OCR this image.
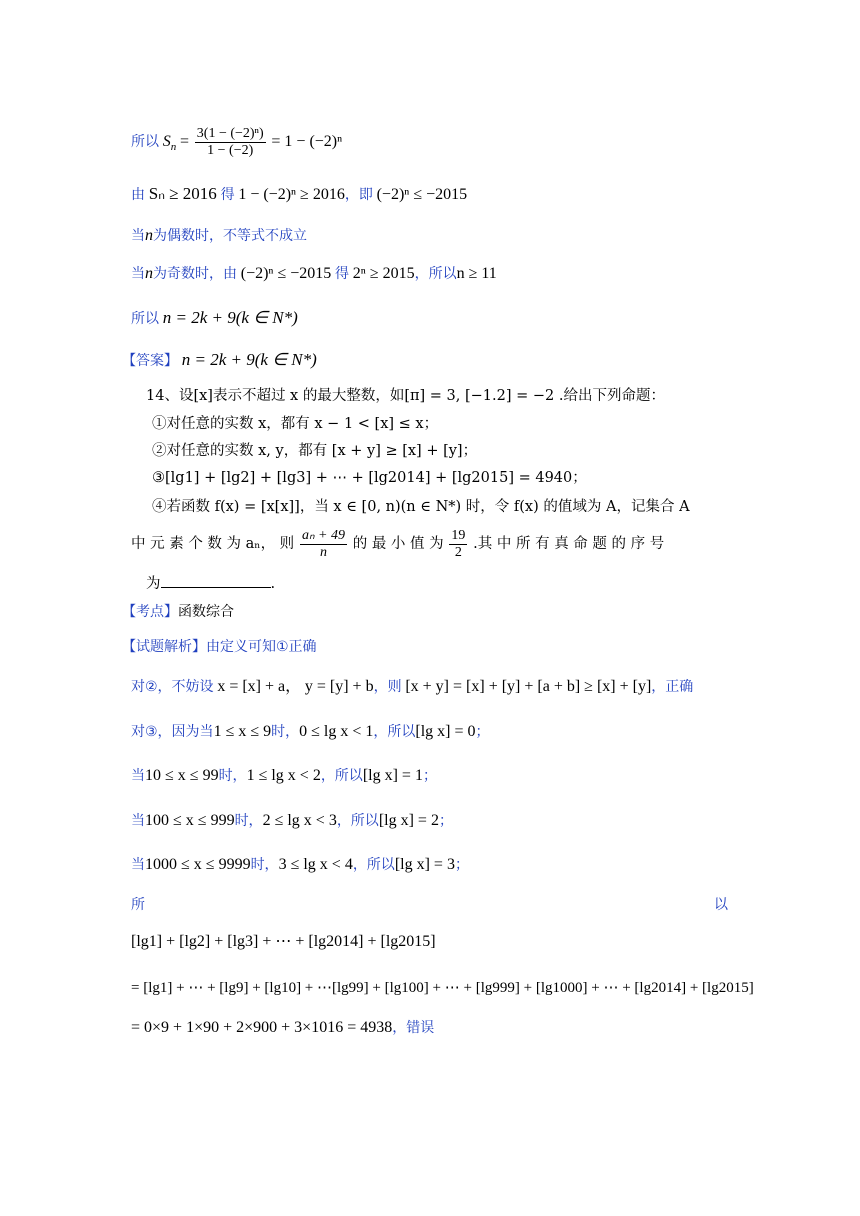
所以 $S_n = \frac{\text{3(1 − (−2)ⁿ)}}{1 - (-2)} = 1 - (-2)^n$
由 Sₙ ≥ 2016 得 1 − (−2)ⁿ ≥ 2016，即 (−2)ⁿ ≤ −2015
当n为偶数时，不等式不成立
当n为奇数时，由 (−2)ⁿ ≤ −2015 得 2ⁿ ≥ 2015，所以n ≥ 11
所以 n = 2k + 9(k ∈ N*)
【答案】 n = 2k + 9(k ∈ N*)
14、设[x]表示不超过 x 的最大整数，如[π] = 3, [−1.2] = −2 .给出下列命题：
①对任意的实数 x，都有 x − 1 < [x] ≤ x；
②对任意的实数 x, y，都有 [x + y] ≥ [x] + [y]；
③[lg1] + [lg2] + [lg3] + ⋯ + [lg2014] + [lg2015] = 4940；
④若函数 f(x) = [x[x]]，当 x ∈ [0, n)(n ∈ N*) 时，令 f(x) 的值域为 A，记集合 A
中 元 素 个 数 为 aₙ， 则 $\frac{\text{aₙ + 49}}{n}$ 的 最 小 值 为 $\frac{19}{2}$ .其 中 所 有 真 命 题 的 序 号
为	.
【考点】函数综合
【试题解析】由定义可知①正确
对②，不妨设 x = [x] + a， y = [y] + b，则 [x + y] = [x] + [y] + [a + b] ≥ [x] + [y]，正确
对③，因为当1 ≤ x ≤ 9时，0 ≤ lg x < 1，所以[lg x] = 0；
当10 ≤ x ≤ 99时，1 ≤ lg x < 2，所以[lg x] = 1；
当100 ≤ x ≤ 999时，2 ≤ lg x < 3，所以[lg x] = 2；
当1000 ≤ x ≤ 9999时，3 ≤ lg x < 4，所以[lg x] = 3；
所	以
[lg1] + [lg2] + [lg3] + ⋯ + [lg2014] + [lg2015]
= [lg1] + ⋯ + [lg9] + [lg10] + ⋯[lg99] + [lg100] + ⋯ + [lg999] + [lg1000] + ⋯ + [lg2014] + [lg2015]
= 0×9 + 1×90 + 2×900 + 3×1016 = 4938，错误
